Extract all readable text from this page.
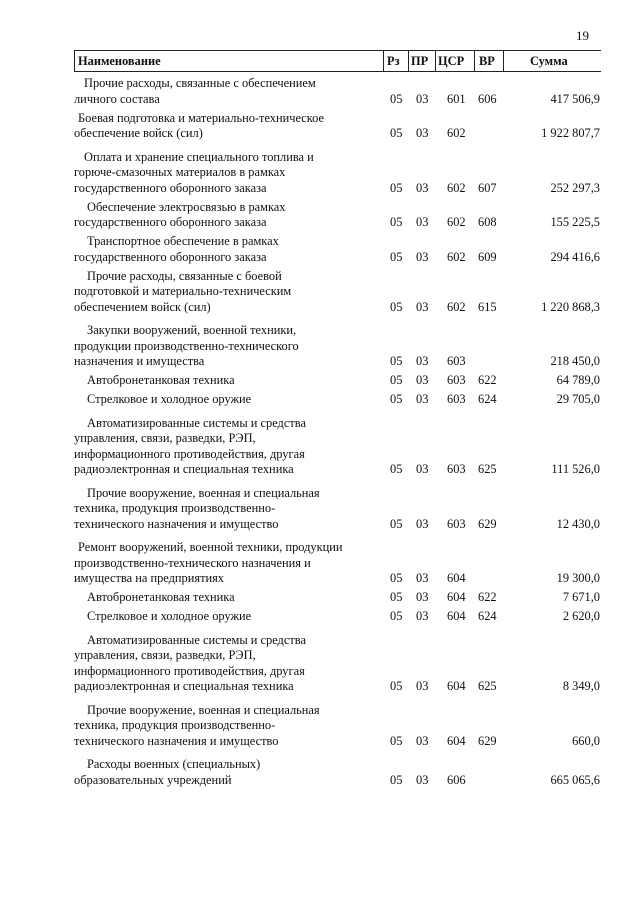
19
Наименование	Рз ПР ЦСР ВР	Сумма
Прочие расходы, связанные с обеспечением
личного состава	05 03 601 606	417 506,9
Боевая подготовка и материально-техническое
обеспечение войск (сил)	05 03 602	1 922 807,7
Оплата и хранение специального топлива и
горюче-смазочных материалов в рамках
государственного оборонного заказа	05 03 602 607	252 297,3
Обеспечение электросвязью в рамках
государственного оборонного заказа	05 03 602 608	155 225,5
Транспортное обеспечение в рамках
государственного оборонного заказа	05 03 602 609	294 416,6
Прочие расходы, связанные с боевой
подготовкой и материально-техническим
обеспечением войск (сил)	05 03 602 615	1 220 868,3
Закупки вооружений, военной техники,
продукции производственно-технического
назначения и имущества	05 03 603	218 450,0
Автобронетанковая техника	05 03 603 622	64 789,0
Стрелковое и холодное оружие	05 03 603 624	29 705,0
Автоматизированные системы и средства
управления, связи, разведки, РЭП,
информационного противодействия, другая
радиоэлектронная и специальная техника	05 03 603 625	111 526,0
Прочие вооружение, военная и специальная
техника, продукция производственно-
технического назначения и имущество	05 03 603 629	12 430,0
Ремонт вооружений, военной техники, продукции
производственно-технического назначения и
имущества на предприятиях	05 03 604	19 300,0
Автобронетанковая техника	05 03 604 622	7 671,0
Стрелковое и холодное оружие	05 03 604 624	2 620,0
Автоматизированные системы и средства
управления, связи, разведки, РЭП,
информационного противодействия, другая
радиоэлектронная и специальная техника	05 03 604 625	8 349,0
Прочие вооружение, военная и специальная
техника, продукция производственно-
технического назначения и имущество	05 03 604 629	660,0
Расходы военных (специальных)
образовательных учреждений	05 03 606	665 065,6
